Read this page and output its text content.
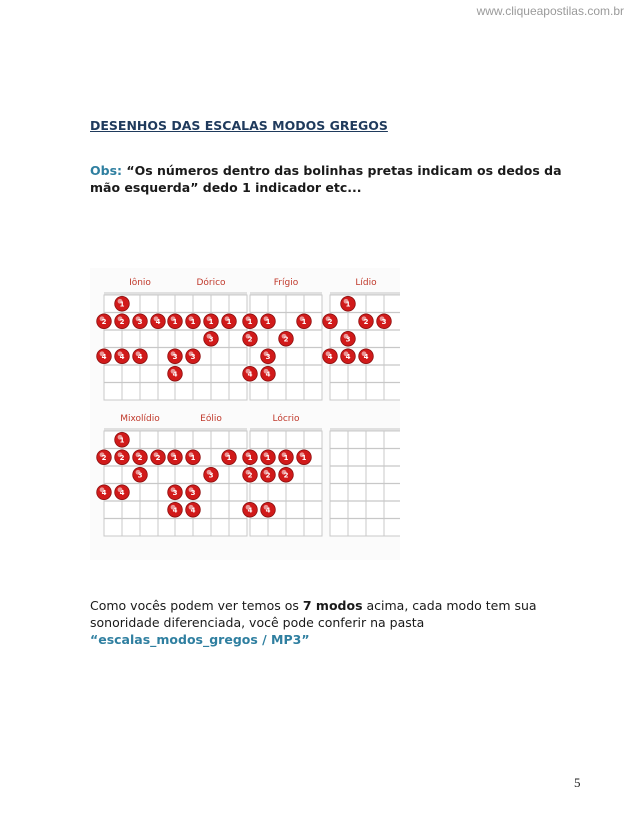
www.cliqueapostilas.com.br
DESENHOS DAS ESCALAS MODOS GREGOS
Obs: “Os números dentro das bolinhas pretas indicam os dedos da mão esquerda” dedo 1 indicador etc...
Iônio
1
2 2 3 4
4 4 4
Dórico
1 1 1 1
3
3 3
4
Frígio
1 1	1
2	2
3
4 4
Lídio
1
2	2 3
3
4 4 4
Mixolídio
1
2 2 2 2
3
4 4
Eólio
1 1	1
3
3 3
4 4
Lócrio
1 1 1 1
2 2 2
4 4
Como vocês podem ver temos os 7 modos acima, cada modo tem sua sonoridade diferenciada, você pode conferir na pasta
“escalas_modos_gregos / MP3”
5
